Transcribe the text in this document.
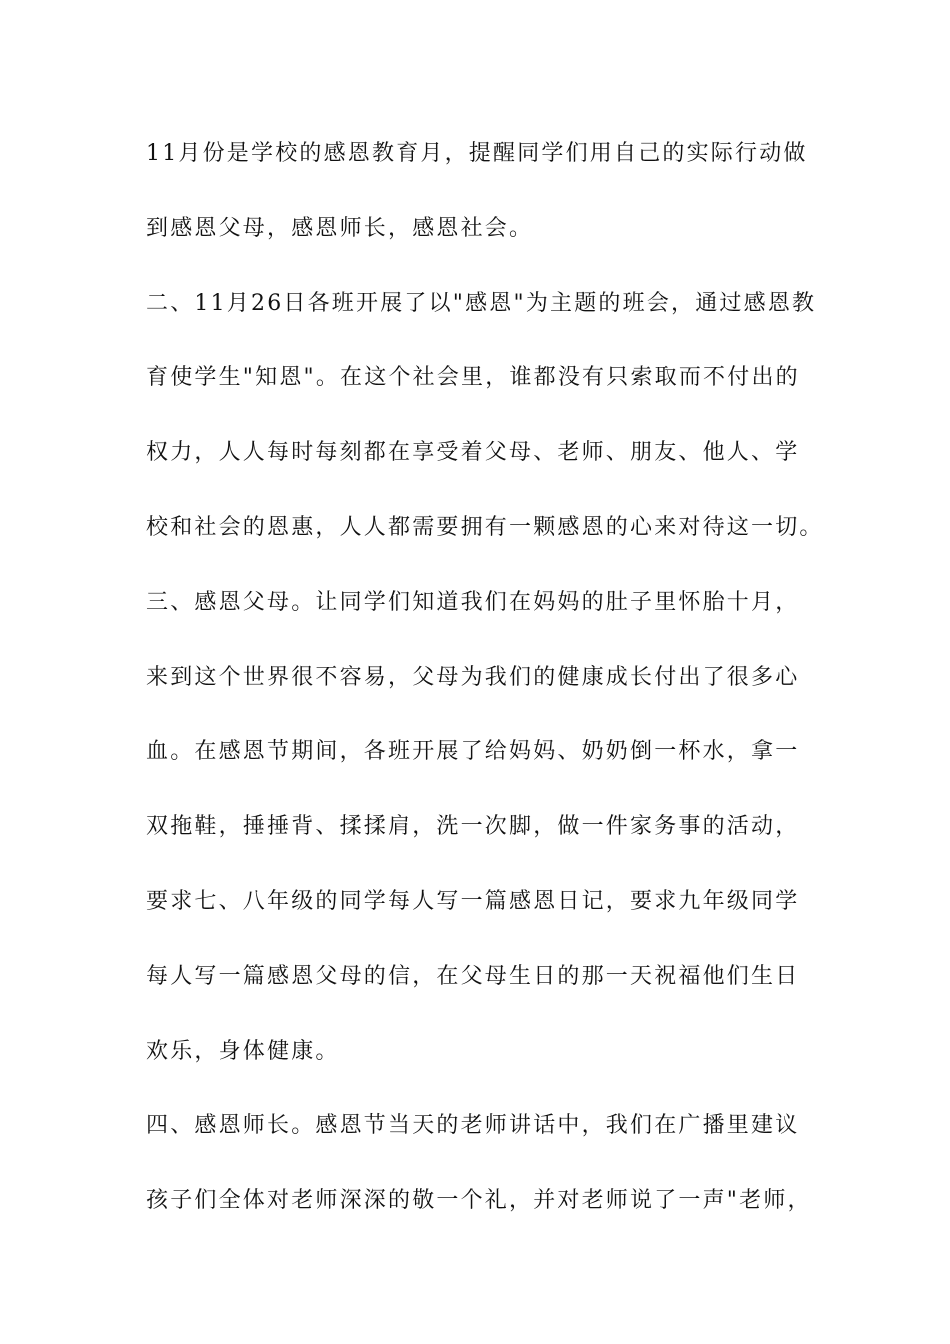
11月份是学校的感恩教育月，提醒同学们用自己的实际行动做
到感恩父母，感恩师长，感恩社会。
二、11月26日各班开展了以"感恩"为主题的班会，通过感恩教
育使学生"知恩"。在这个社会里，谁都没有只索取而不付出的
权力，人人每时每刻都在享受着父母、老师、朋友、他人、学
校和社会的恩惠，人人都需要拥有一颗感恩的心来对待这一切。
三、感恩父母。让同学们知道我们在妈妈的肚子里怀胎十月，
来到这个世界很不容易，父母为我们的健康成长付出了很多心
血。在感恩节期间，各班开展了给妈妈、奶奶倒一杯水，拿一
双拖鞋，捶捶背、揉揉肩，洗一次脚，做一件家务事的活动，
要求七、八年级的同学每人写一篇感恩日记，要求九年级同学
每人写一篇感恩父母的信，在父母生日的那一天祝福他们生日
欢乐，身体健康。
四、感恩师长。感恩节当天的老师讲话中，我们在广播里建议
孩子们全体对老师深深的敬一个礼，并对老师说了一声"老师，
